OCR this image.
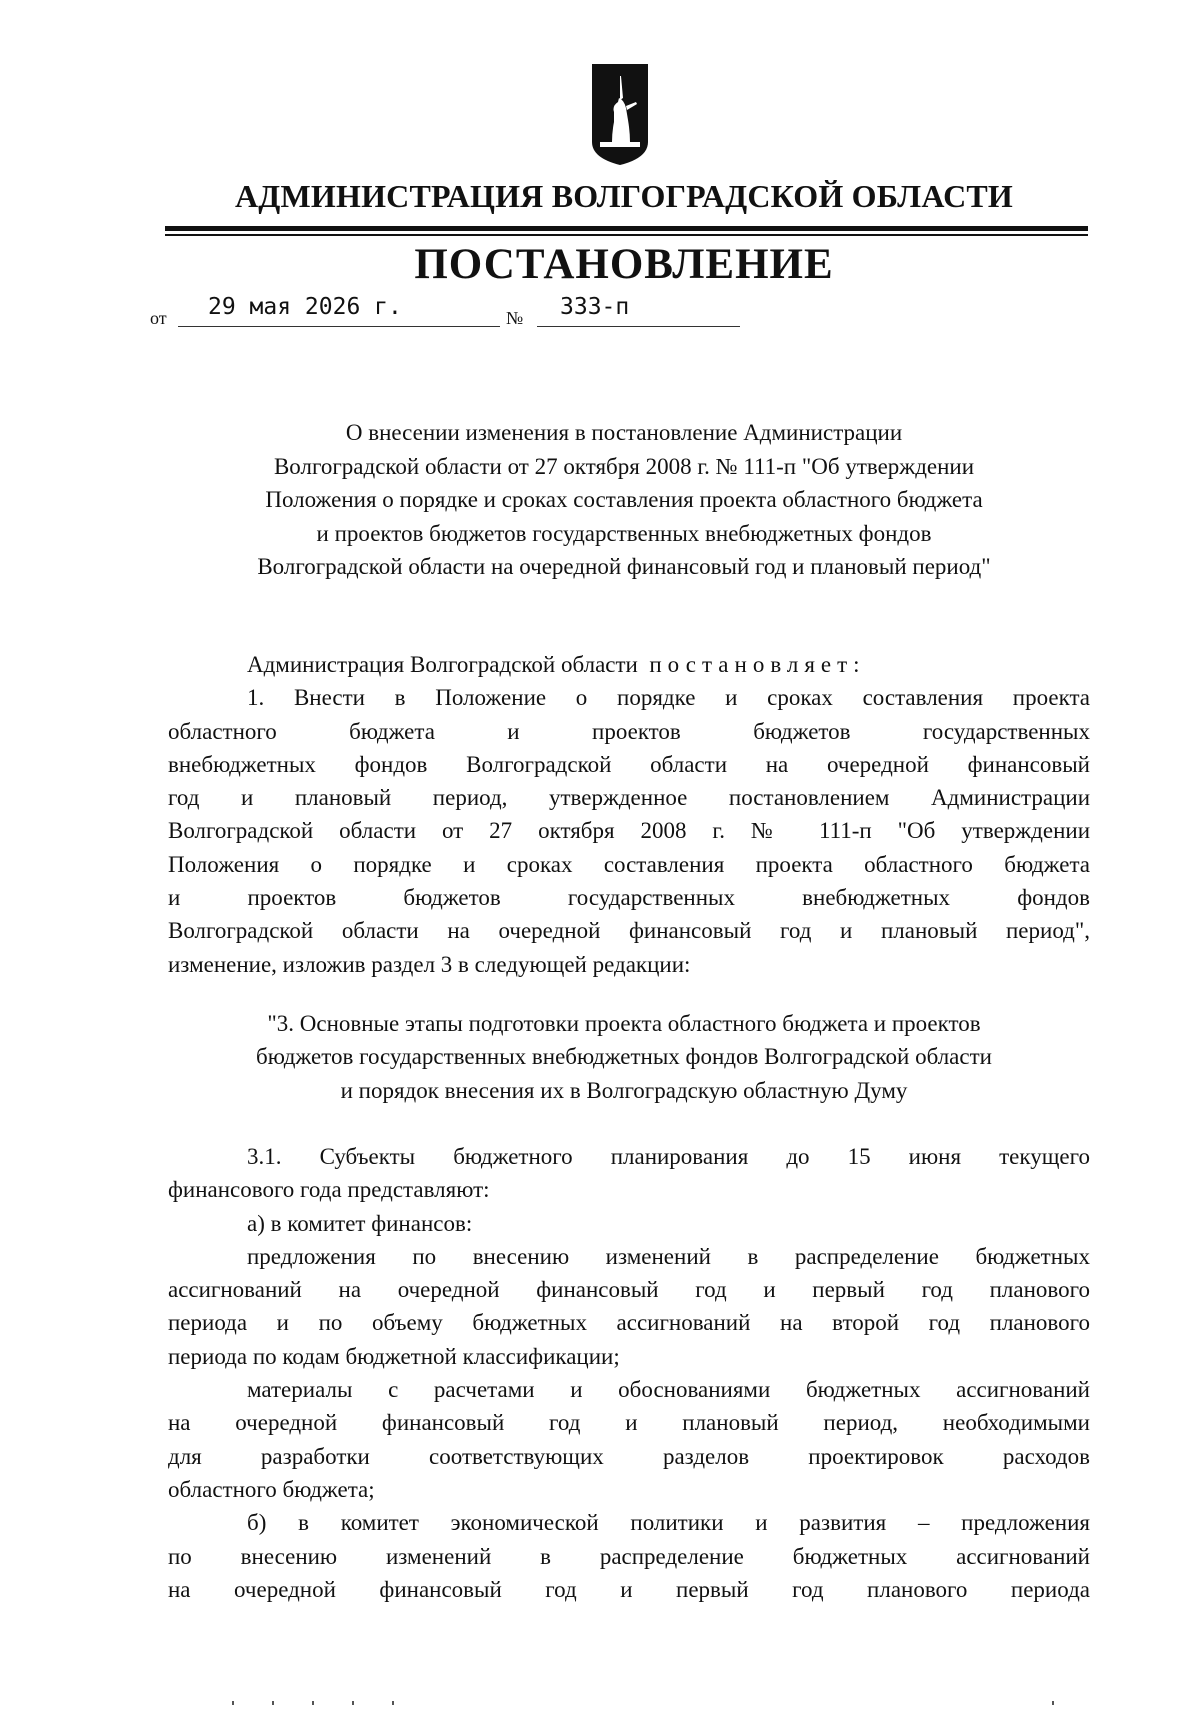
АДМИНИСТРАЦИЯ ВОЛГОГРАДСКОЙ ОБЛАСТИ
ПОСТАНОВЛЕНИЕ
от 29 мая 2026 г.	№ 333-п
О внесении изменения в постановление Администрации
Волгоградской области от 27 октября 2008 г. № 111-п "Об утверждении
Положения о порядке и сроках составления проекта областного бюджета
и проектов бюджетов государственных внебюджетных фондов
Волгоградской области на очередной финансовый год и плановый период"
Администрация Волгоградской области постановляет:
1. Внести в Положение о порядке и сроках составления проекта
областного бюджета и проектов бюджетов государственных
внебюджетных фондов Волгоградской области на очередной финансовый
год и плановый период, утвержденное постановлением Администрации
Волгоградской области от 27 октября 2008 г. № 111-п "Об утверждении
Положения о порядке и сроках составления проекта областного бюджета
и проектов бюджетов государственных внебюджетных фондов
Волгоградской области на очередной финансовый год и плановый период",
изменение, изложив раздел 3 в следующей редакции:
"3. Основные этапы подготовки проекта областного бюджета и проектов
бюджетов государственных внебюджетных фондов Волгоградской области
и порядок внесения их в Волгоградскую областную Думу
3.1. Субъекты бюджетного планирования до 15 июня текущего
финансового года представляют:
а) в комитет финансов:
предложения по внесению изменений в распределение бюджетных
ассигнований на очередной финансовый год и первый год планового
периода и по объему бюджетных ассигнований на второй год планового
периода по кодам бюджетной классификации;
материалы с расчетами и обоснованиями бюджетных ассигнований
на очередной финансовый год и плановый период, необходимыми
для разработки соответствующих разделов проектировок расходов
областного бюджета;
б) в комитет экономической политики и развития – предложения
по внесению изменений в распределение бюджетных ассигнований
на очередной финансовый год и первый год планового периода
